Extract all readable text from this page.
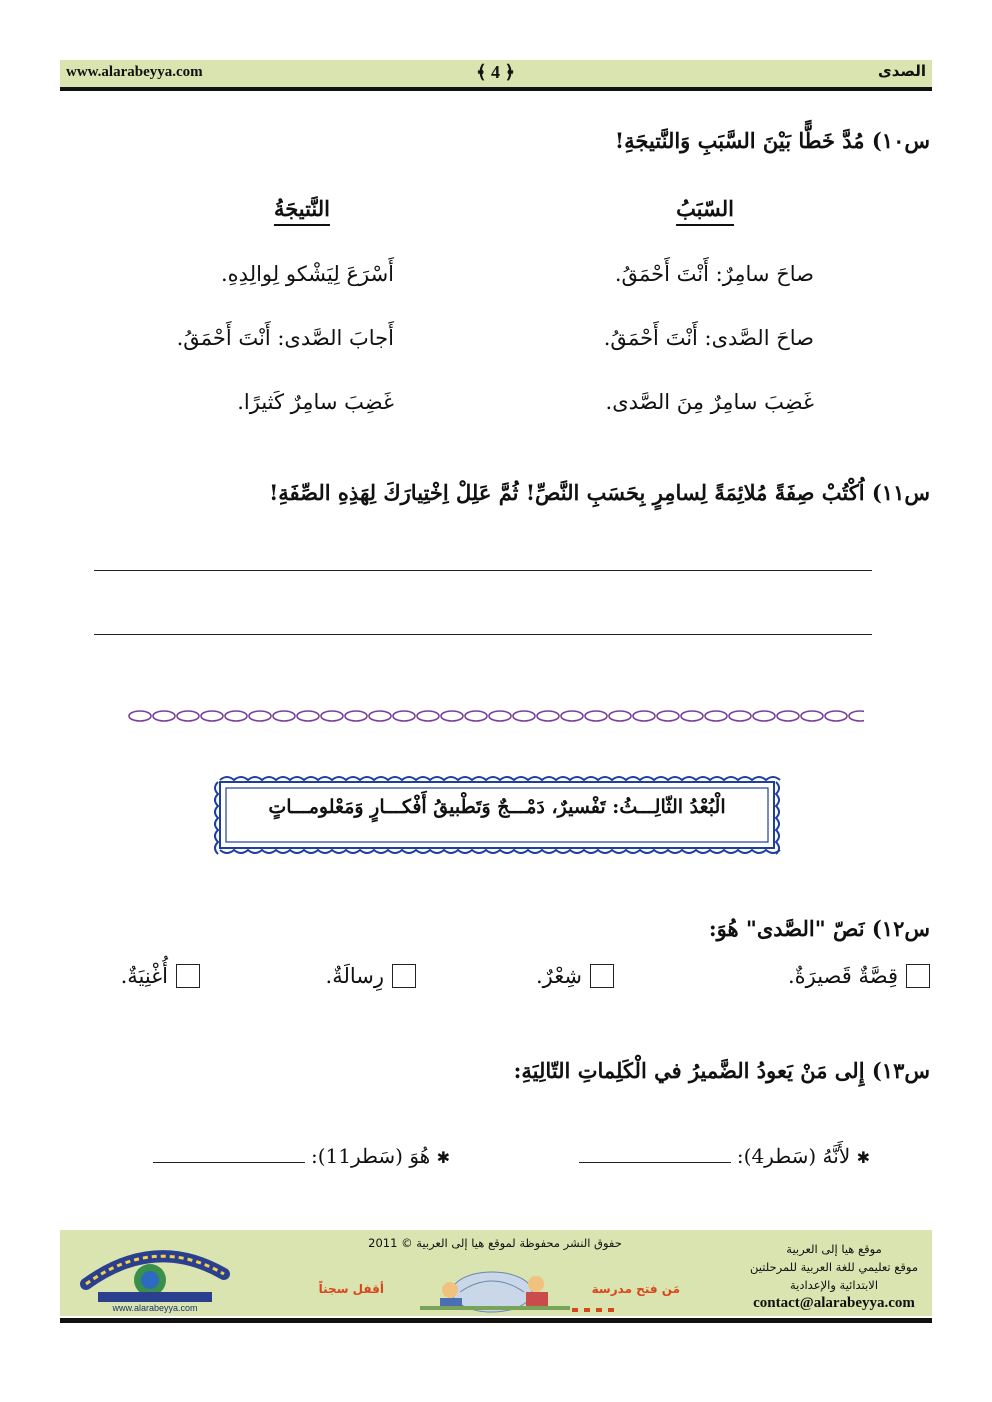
www.alarabeyya.com	﴾ 4 ﴿	الصدى
س١٠) مُدَّ خَطًّا بَيْنَ السَّبَبِ وَالنَّتيجَةِ!
السّبَبُ
النَّتيجَةُ
صاحَ سامِرٌ: أَنْتَ أَحْمَقُ.
صاحَ الصَّدى: أَنْتَ أَحْمَقُ.
غَضِبَ سامِرٌ مِنَ الصَّدى.
أَسْرَعَ لِيَشْكو لِوالِدِهِ.
أَجابَ الصَّدى: أَنْتَ أَحْمَقُ.
غَضِبَ سامِرٌ كَثيرًا.
س١١) اُكْتُبْ صِفَةً مُلائِمَةً لِسامِرٍ بِحَسَبِ النَّصِّ! ثُمَّ عَلِلْ اِخْتِيارَكَ لِهَذِهِ الصِّفَةِ!
الْبُعْدُ الثّالِـــثُ: تَفْسيرٌ، دَمْـــجٌ وَتَطْبيقُ أَفْكـــارٍ وَمَعْلومـــاتٍ
س١٢) نَصّ "الصَّدى" هُوَ:
قِصَّةٌ قَصيرَةٌ.
شِعْرٌ.
رِسالَةٌ.
أُغْنِيَةٌ.
س١٣) إِلى مَنْ يَعودُ الضَّميرُ في الْكَلِماتِ التّالِيَةِ:
✱ لأَنَّهُ (سَطر4):
✱ هُوَ (سَطر11):
موقع هيا إلى العربية
موقع تعليمي للغة العربية للمرحلتين
الابتدائية والإعدادية
contact@alarabeyya.com
حفوق النشر محفوظة لموقع هيا إلى العربية © 2011
مَن فتح مدرسة
أقفل سجناً
www.alarabeyya.com
